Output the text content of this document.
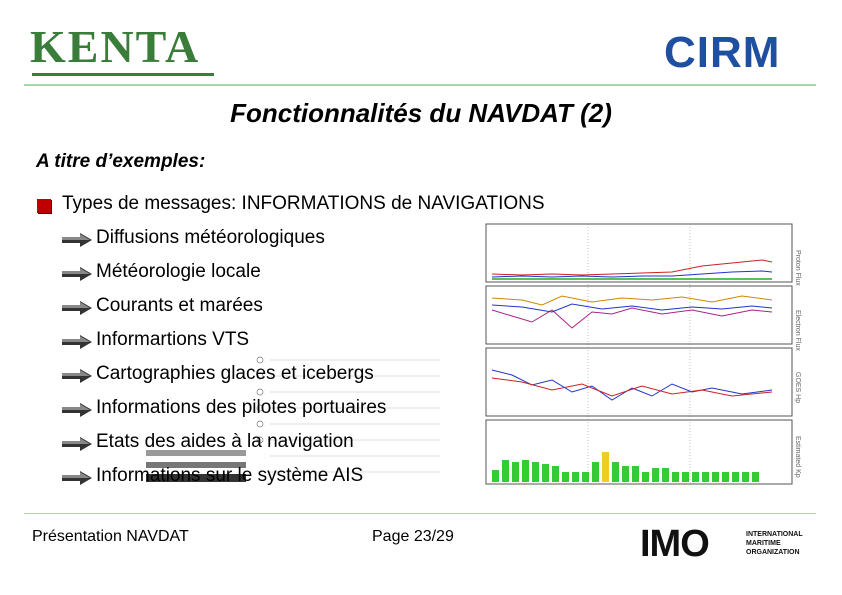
KENTA	CIRM
Fonctionnalités du NAVDAT (2)
A titre d’exemples:
Proton Flux
Electron Flux
GOES Hp
Estimated Kp
Types de messages: INFORMATIONS de NAVIGATIONS
Diffusions météorologiques
Météorologie locale
Courants et marées
Informartions VTS
Cartographies glaces et icebergs
Informations des pilotes portuaires
Etats des aides à la navigation
Informations sur le système AIS
Présentation NAVDAT	Page 23/29	IMO	INTERNATIONAL
MARITIME
ORGANIZATION
